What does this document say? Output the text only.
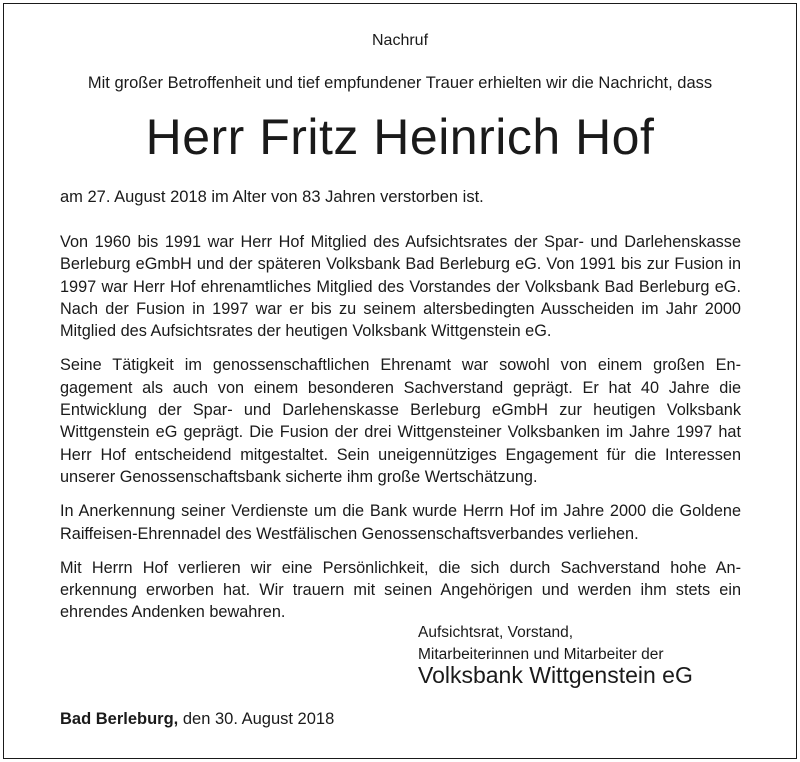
Nachruf
Mit großer Betroffenheit und tief empfundener Trauer erhielten wir die Nachricht, dass
Herr Fritz Heinrich Hof
am 27. August 2018 im Alter von 83 Jahren verstorben ist.

Von 1960 bis 1991 war Herr Hof Mitglied des Aufsichtsrates der Spar- und Darlehenskasse Berleburg eGmbH und der späteren Volksbank Bad Berleburg eG. Von 1991 bis zur Fusion in 1997 war Herr Hof ehrenamtliches Mitglied des Vorstandes der Volksbank Bad Berleburg eG. Nach der Fusion in 1997 war er bis zu seinem altersbedingten Ausscheiden im Jahr 2000 Mitglied des Aufsichtsrates der heutigen Volksbank Wittgenstein eG.

Seine Tätigkeit im genossenschaftlichen Ehrenamt war sowohl von einem großen Engagement als auch von einem besonderen Sachverstand geprägt. Er hat 40 Jahre die Entwicklung der Spar- und Darlehenskasse Berleburg eGmbH zur heutigen Volksbank Wittgenstein eG geprägt. Die Fusion der drei Wittgensteiner Volksbanken im Jahre 1997 hat Herr Hof entscheidend mitgestaltet. Sein uneigennütziges Engagement für die Interessen unserer Genossenschaftsbank sicherte ihm große Wertschätzung.

In Anerkennung seiner Verdienste um die Bank wurde Herrn Hof im Jahre 2000 die Goldene Raiffeisen-Ehrennadel des Westfälischen Genossenschaftsverbandes verliehen.

Mit Herrn Hof verlieren wir eine Persönlichkeit, die sich durch Sachverstand hohe Anerkennung erworben hat. Wir trauern mit seinen Angehörigen und werden ihm stets ein ehrendes Andenken bewahren.

Aufsichtsrat, Vorstand,
Mitarbeiterinnen und Mitarbeiter der
Volksbank Wittgenstein eG
Bad Berleburg, den 30. August 2018
